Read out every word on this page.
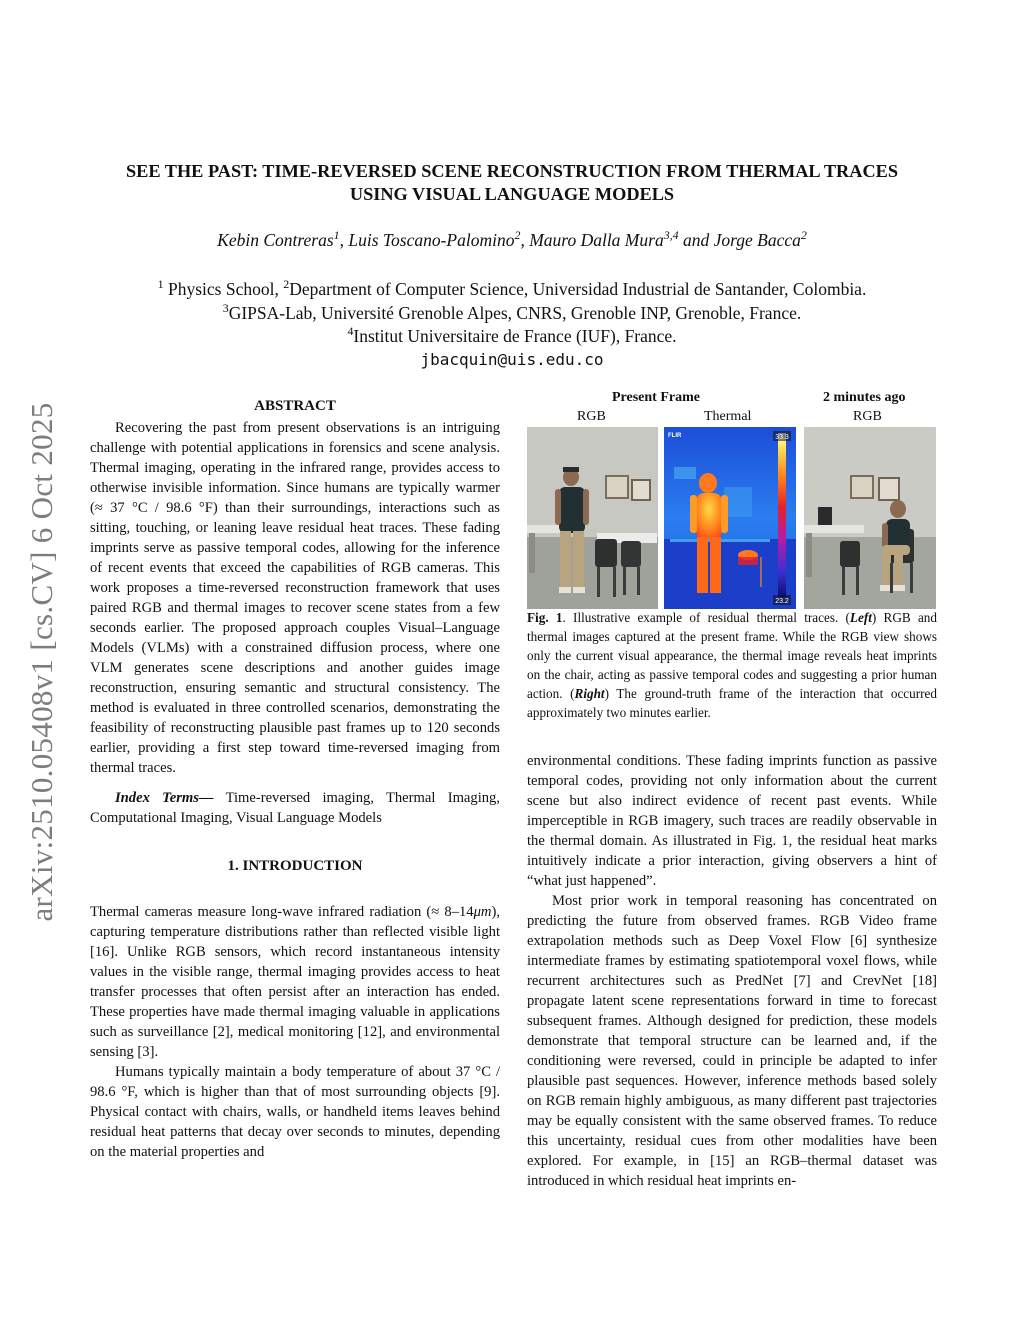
arXiv:2510.05408v1 [cs.CV] 6 Oct 2025
SEE THE PAST: TIME-REVERSED SCENE RECONSTRUCTION FROM THERMAL TRACES
USING VISUAL LANGUAGE MODELS
Kebin Contreras$^1$, Luis Toscano-Palomino$^2$, Mauro Dalla Mura$^{3,4}$ and Jorge Bacca$^2$
$^1$ Physics School, $^2$Department of Computer Science, Universidad Industrial de Santander, Colombia.
$^3$GIPSA-Lab, Université Grenoble Alpes, CNRS, Grenoble INP, Grenoble, France.
$^4$Institut Universitaire de France (IUF), France.
jbacquin@uis.edu.co
ABSTRACT

Recovering the past from present observations is an intriguing challenge with potential applications in forensics and scene analysis. Thermal imaging, operating in the infrared range, provides access to otherwise invisible information. Since humans are typically warmer (≈ 37 °C / 98.6 °F) than their surroundings, interactions such as sitting, touching, or leaning leave residual heat traces. These fading imprints serve as passive temporal codes, allowing for the inference of recent events that exceed the capabilities of RGB cameras. This work proposes a time-reversed reconstruction framework that uses paired RGB and thermal images to recover scene states from a few seconds earlier. The proposed approach couples Visual–Language Models (VLMs) with a constrained diffusion process, where one VLM generates scene descriptions and another guides image reconstruction, ensuring semantic and structural consistency. The method is evaluated in three controlled scenarios, demonstrating the feasibility of reconstructing plausible past frames up to 120 seconds earlier, providing a first step toward time-reversed imaging from thermal traces.

Index Terms— Time-reversed imaging, Thermal Imaging, Computational Imaging, Visual Language Models

1. INTRODUCTION

Thermal cameras measure long-wave infrared radiation (≈ 8–14μm), capturing temperature distributions rather than reflected visible light [16]. Unlike RGB sensors, which record instantaneous intensity values in the visible range, thermal imaging provides access to heat transfer processes that often persist after an interaction has ended. These properties have made thermal imaging valuable in applications such as surveillance [2], medical monitoring [12], and environmental sensing [3].

Humans typically maintain a body temperature of about 37 °C / 98.6 °F, which is higher than that of most surrounding objects [9]. Physical contact with chairs, walls, or handheld items leaves behind residual heat patterns that decay over seconds to minutes, depending on the material properties and

Present Frame	2 minutes ago
RGB	Thermal	RGB
33.3
23.2
FLIR
Fig. 1. Illustrative example of residual thermal traces. (Left) RGB and thermal images captured at the present frame. While the RGB view shows only the current visual appearance, the thermal image reveals heat imprints on the chair, acting as passive temporal codes and suggesting a prior human action. (Right) The ground-truth frame of the interaction that occurred approximately two minutes earlier.

environmental conditions. These fading imprints function as passive temporal codes, providing not only information about the current scene but also indirect evidence of recent past events. While imperceptible in RGB imagery, such traces are readily observable in the thermal domain. As illustrated in Fig. 1, the residual heat marks intuitively indicate a prior interaction, giving observers a hint of “what just happened”.

Most prior work in temporal reasoning has concentrated on predicting the future from observed frames. RGB Video frame extrapolation methods such as Deep Voxel Flow [6] synthesize intermediate frames by estimating spatiotemporal voxel flows, while recurrent architectures such as PredNet [7] and CrevNet [18] propagate latent scene representations forward in time to forecast subsequent frames. Although designed for prediction, these models demonstrate that temporal structure can be learned and, if the conditioning were reversed, could in principle be adapted to infer plausible past sequences. However, inference methods based solely on RGB remain highly ambiguous, as many different past trajectories may be equally consistent with the same observed frames. To reduce this uncertainty, residual cues from other modalities have been explored. For example, in [15] an RGB–thermal dataset was introduced in which residual heat imprints en-
